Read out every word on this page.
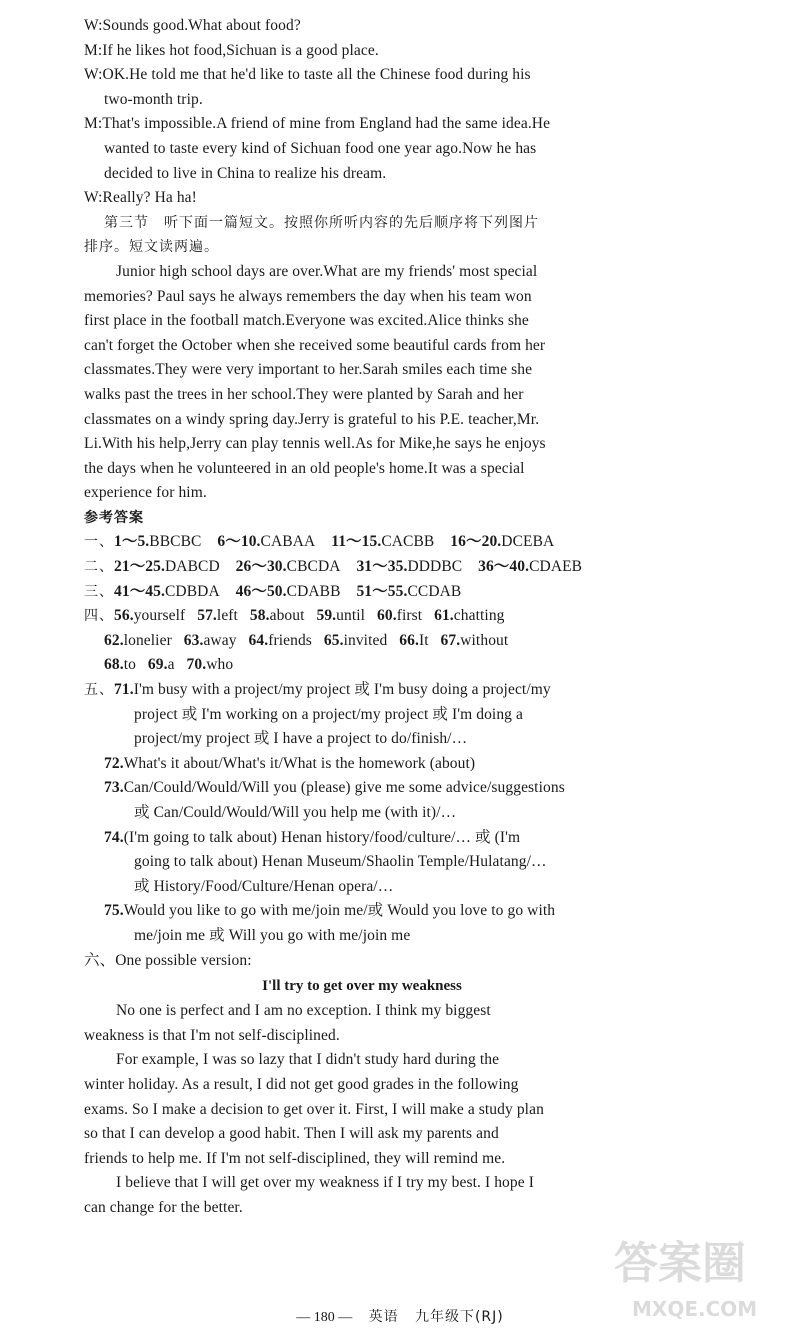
W:Sounds good.What about food?
M:If he likes hot food,Sichuan is a good place.
W:OK.He told me that he'd like to taste all the Chinese food during his
two-month trip.
M:That's impossible.A friend of mine from England had the same idea.He
wanted to taste every kind of Sichuan food one year ago.Now he has
decided to live in China to realize his dream.
W:Really? Ha ha!
第三节　听下面一篇短文。按照你所听内容的先后顺序将下列图片
排序。短文读两遍。
Junior high school days are over.What are my friends' most special
memories? Paul says he always remembers the day when his team won
first place in the football match.Everyone was excited.Alice thinks she
can't forget the October when she received some beautiful cards from her
classmates.They were very important to her.Sarah smiles each time she
walks past the trees in her school.They were planted by Sarah and her
classmates on a windy spring day.Jerry is grateful to his P.E. teacher,Mr.
Li.With his help,Jerry can play tennis well.As for Mike,he says he enjoys
the days when he volunteered in an old people's home.It was a special
experience for him.
参考答案
一、1～5.BBCBC 6～10.CABAA 11～15.CACBB 16～20.DCEBA
二、21～25.DABCD 26～30.CBCDA 31～35.DDDBC 36～40.CDAEB
三、41～45.CDBDA 46～50.CDABB 51～55.CCDAB
四、56.yourself 57.left 58.about 59.until 60.first 61.chatting
62.lonelier 63.away 64.friends 65.invited 66.It 67.without
68.to 69.a 70.who
五、71.I'm busy with a project/my project 或 I'm busy doing a project/my
project 或 I'm working on a project/my project 或 I'm doing a
project/my project 或 I have a project to do/finish/…
72.What's it about/What's it/What is the homework (about)
73.Can/Could/Would/Will you (please) give me some advice/suggestions
或 Can/Could/Would/Will you help me (with it)/…
74.(I'm going to talk about) Henan history/food/culture/… 或 (I'm
going to talk about) Henan Museum/Shaolin Temple/Hulatang/…
或 History/Food/Culture/Henan opera/…
75.Would you like to go with me/join me/或 Would you love to go with
me/join me 或 Will you go with me/join me
六、One possible version:
I'll try to get over my weakness
No one is perfect and I am no exception. I think my biggest
weakness is that I'm not self-disciplined.
For example, I was so lazy that I didn't study hard during the
winter holiday. As a result, I did not get good grades in the following
exams. So I make a decision to get over it. First, I will make a study plan
so that I can develop a good habit. Then I will ask my parents and
friends to help me. If I'm not self-disciplined, they will remind me.
I believe that I will get over my weakness if I try my best. I hope I
can change for the better.
— 180 — 英语 九年级下(RJ)
答案圈
MXQE.COM
